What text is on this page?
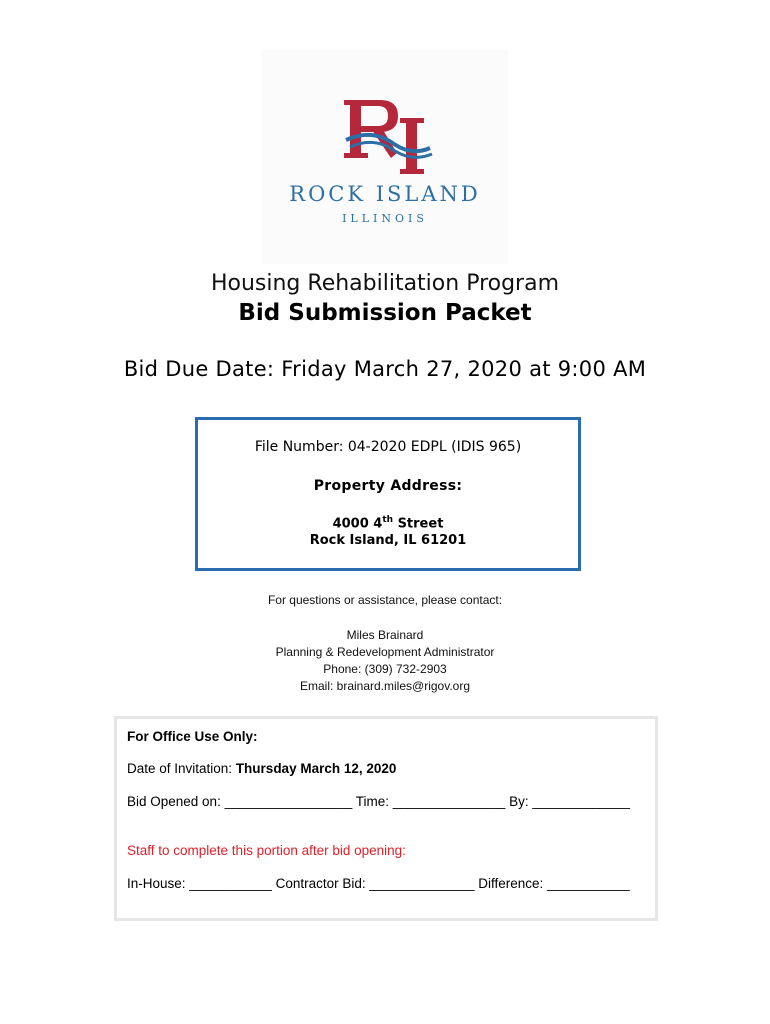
ROCK ISLAND
ILLINOIS
Housing Rehabilitation Program
Bid Submission Packet
Bid Due Date: Friday March 27, 2020 at 9:00 AM
File Number: 04-2020 EDPL (IDIS 965)
Property Address:
4000 4th Street
Rock Island, IL 61201
For questions or assistance, please contact:
Miles Brainard
Planning & Redevelopment Administrator
Phone: (309) 732-2903
Email: brainard.miles@rigov.org
For Office Use Only:
Date of Invitation: Thursday March 12, 2020
Bid Opened on: _________________ Time: _______________ By: _____________
Staff to complete this portion after bid opening:
In-House: ___________ Contractor Bid: ______________ Difference: ___________
